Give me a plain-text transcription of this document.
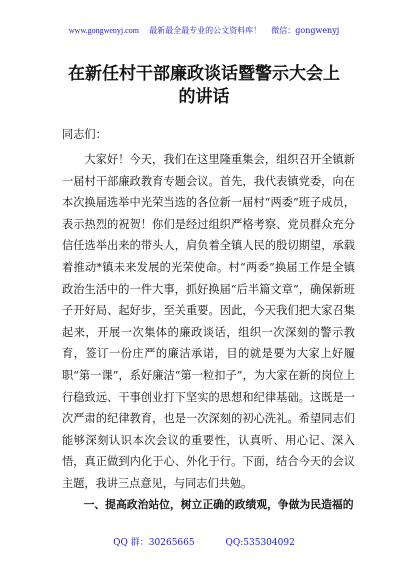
www.gongwenyj.com 最新最全最专业的公文资料库！ 微信：gongwenyj
在新任村干部廉政谈话暨警示大会上的讲话
同志们：

大家好！今天，我们在这里隆重集会，组织召开全镇新一届村干部廉政教育专题会议。首先，我代表镇党委，向在本次换届选举中光荣当选的各位新一届村“两委”班子成员，表示热烈的祝贺！你们是经过组织严格考察、党员群众充分信任选举出来的带头人，肩负着全镇人民的殷切期望，承载着推动*镇未来发展的光荣使命。村“两委”换届工作是全镇政治生活中的一件大事，抓好换届“后半篇文章”，确保新班子开好局、起好步，至关重要。因此，今天我们把大家召集起来，开展一次集体的廉政谈话，组织一次深刻的警示教育，签订一份庄严的廉洁承诺，目的就是要为大家上好履职“第一课”，系好廉洁“第一粒扣子”，为大家在新的岗位上行稳致远、干事创业打下坚实的思想和纪律基础。这既是一次严肃的纪律教育，也是一次深刻的初心洗礼。希望同志们能够深刻认识本次会议的重要性，认真听、用心记、深入悟，真正做到内化于心、外化于行。下面，结合今天的会议主题，我讲三点意见，与同志们共勉。

一、提高政治站位，树立正确的政绩观，争做为民造福的
QQ 群：30265665	QQ:535304092
